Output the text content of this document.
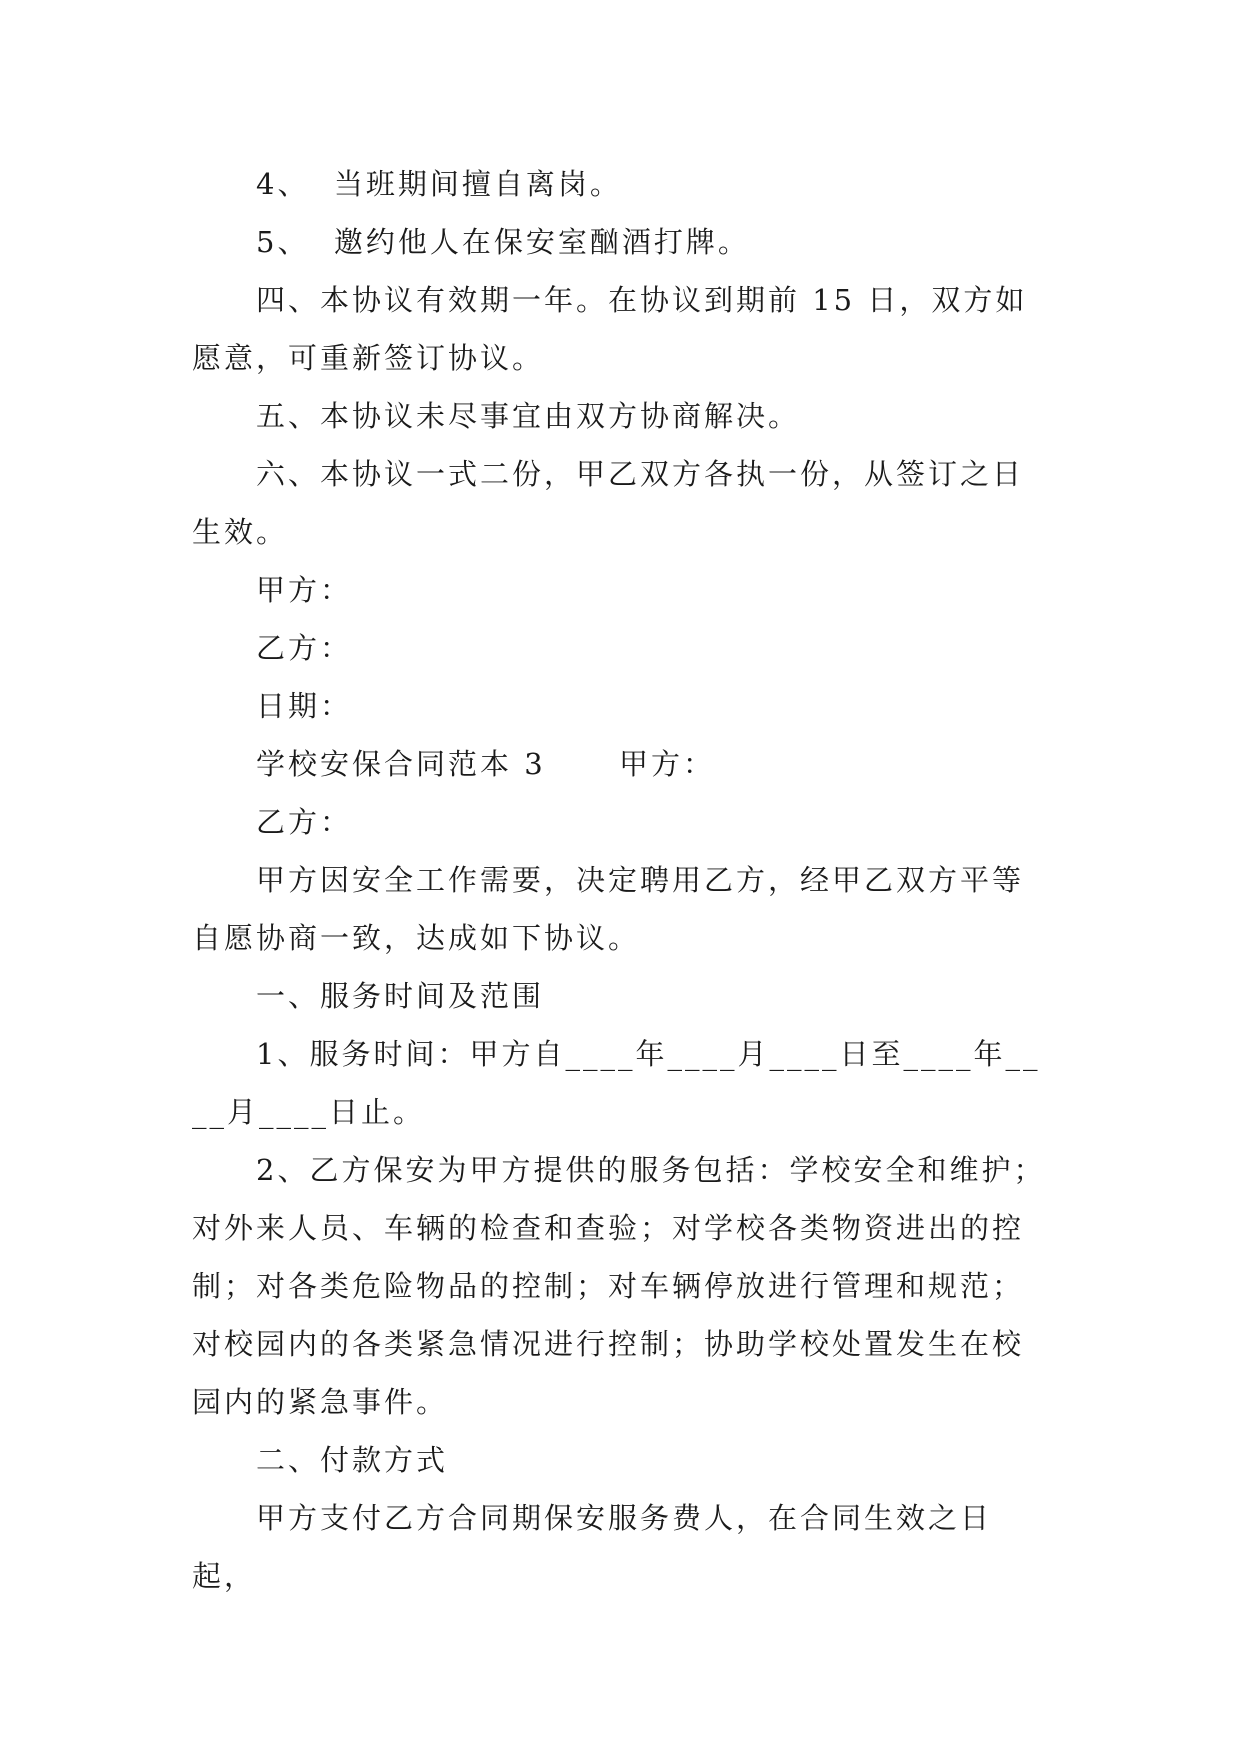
4、  当班期间擅自离岗。

5、  邀约他人在保安室酗酒打牌。

四、本协议有效期一年。在协议到期前 15 日，双方如愿意，可重新签订协议。

五、本协议未尽事宜由双方协商解决。

六、本协议一式二份，甲乙双方各执一份，从签订之日生效。

甲方：

乙方：

日期：

学校安保合同范本 3      甲方：

乙方：

甲方因安全工作需要，决定聘用乙方，经甲乙双方平等自愿协商一致，达成如下协议。

一、服务时间及范围

1、服务时间：甲方自____年____月____日至____年____月____日止。

2、乙方保安为甲方提供的服务包括：学校安全和维护；对外来人员、车辆的检查和查验；对学校各类物资进出的控制；对各类危险物品的控制；对车辆停放进行管理和规范；对校园内的各类紧急情况进行控制；协助学校处置发生在校园内的紧急事件。

二、付款方式

甲方支付乙方合同期保安服务费人，在合同生效之日起，
